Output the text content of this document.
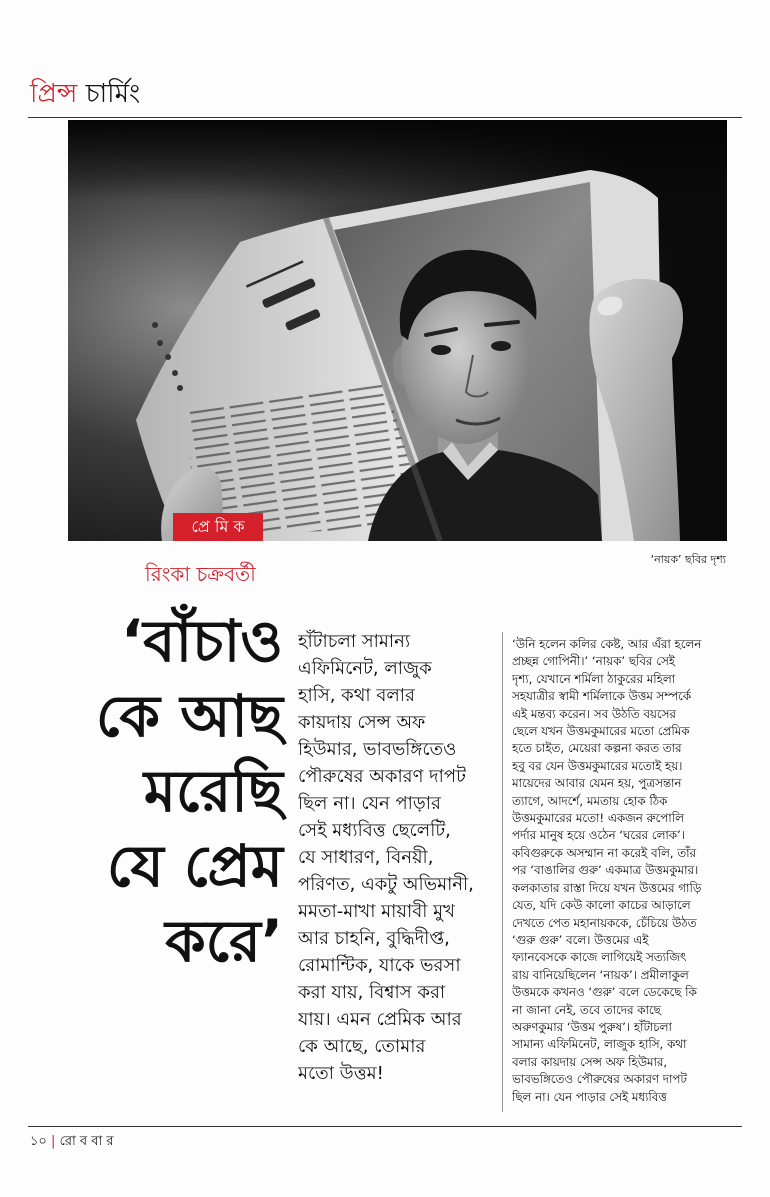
প্রিন্স চার্মিং
প্রে মি ক
‘নায়ক’ ছবির দৃশ্য
রিংকা চক্রবর্তী
‘বাঁচাও
কে আছ
মরেছি
যে প্রেম
করে’
হাঁটাচলা সামান্য
এফিমিনেট, লাজুক
হাসি, কথা বলার
কায়দায় সেন্স অফ
হিউমার, ভাবভঙ্গিতেও
পৌরুষের অকারণ দাপট
ছিল না। যেন পাড়ার
সেই মধ্যবিত্ত ছেলেটি,
যে সাধারণ, বিনয়ী,
পরিণত, একটু অভিমানী,
মমতা-মাখা মায়াবী মুখ
আর চাহনি, বুদ্ধিদীপ্ত,
রোমান্টিক, যাকে ভরসা
করা যায়, বিশ্বাস করা
যায়। এমন প্রেমিক আর
কে আছে, তোমার
মতো উত্তম!
‘উনি হলেন কলির কেষ্ট, আর এঁরা হলেন
প্রচ্ছন্ন গোপিনী।’ ‘নায়ক’ ছবির সেই
দৃশ্য, যেখানে শর্মিলা ঠাকুরের মহিলা
সহযাত্রীর স্বামী শর্মিলাকে উত্তম সম্পর্কে
এই মন্তব্য করেন। সব উঠতি বয়সের
ছেলে যখন উত্তমকুমারের মতো প্রেমিক
হতে চাইত, মেয়েরা কল্পনা করত তার
হবু বর যেন উত্তমকুমারের মতোই হয়।
মায়েদের আবার যেমন হয়, পুত্রসন্তান
ত্যাগে, আদর্শে, মমতায় হোক ঠিক
উত্তমকুমারের মতো! একজন রুপোলি
পর্দার মানুষ হয়ে ওঠেন ‘ঘরের লোক’।
কবিগুরুকে অসম্মান না করেই বলি, তাঁর
পর ‘বাঙালির গুরু’ একমাত্র উত্তমকুমার।
কলকাতার রাস্তা দিয়ে যখন উত্তমের গাড়ি
যেত, যদি কেউ কালো কাচের আড়ালে
দেখতে পেত মহানায়ককে, চেঁচিয়ে উঠত
‘গুরু গুরু’ বলে। উত্তমের এই
ফ্যানবেসকে কাজে লাগিয়েই সত্যজিৎ
রায় বানিয়েছিলেন ‘নায়ক’। প্রমীলাকুল
উত্তমকে কখনও ‘গুরু’ বলে ডেকেছে কি
না জানা নেই, তবে তাদের কাছে
অরুণকুমার ‘উত্তম পুরুষ’। হাঁটাচলা
সামান্য এফিমিনেট, লাজুক হাসি, কথা
বলার কায়দায় সেন্স অফ হিউমার,
ভাবভঙ্গিতেও পৌরুষের অকারণ দাপট
ছিল না। যেন পাড়ার সেই মধ্যবিত্ত
১০ | রো ব বা র
